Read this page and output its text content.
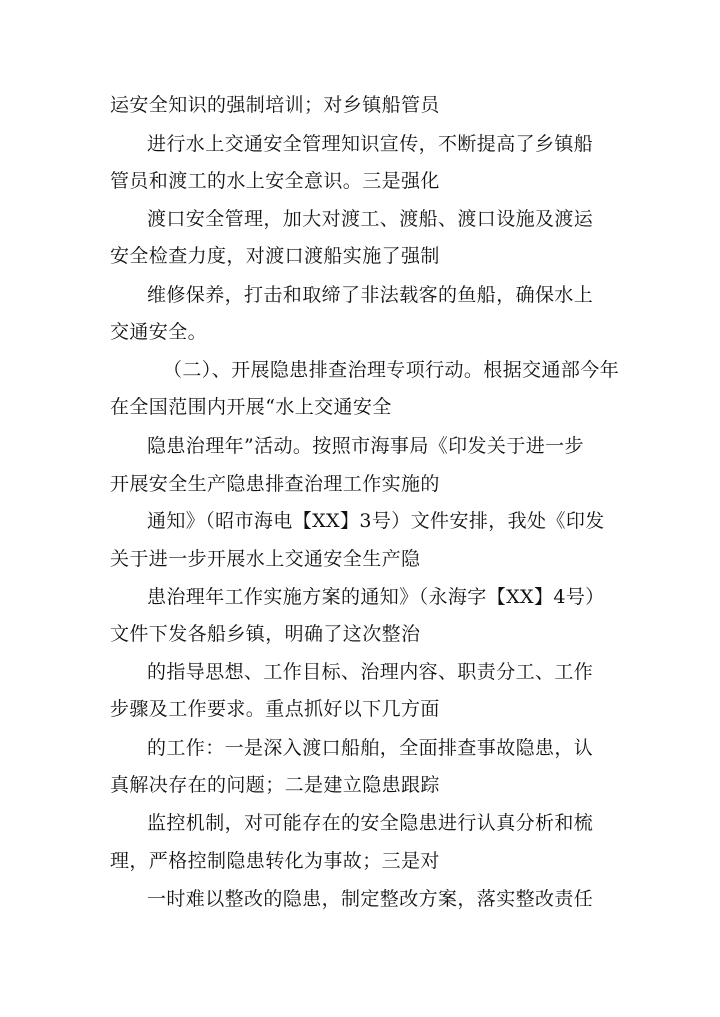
运安全知识的强制培训；对乡镇船管员
进行水上交通安全管理知识宣传，不断提高了乡镇船
管员和渡工的水上安全意识。三是强化
渡口安全管理，加大对渡工、渡船、渡口设施及渡运
安全检查力度，对渡口渡船实施了强制
维修保养，打击和取缔了非法载客的鱼船，确保水上
交通安全。
（二）、开展隐患排查治理专项行动。根据交通部今年
在全国范围内开展“水上交通安全
隐患治理年”活动。按照市海事局《印发关于进一步
开展安全生产隐患排查治理工作实施的
通知》（昭市海电【XX】3号）文件安排，我处《印发
关于进一步开展水上交通安全生产隐
患治理年工作实施方案的通知》（永海字【XX】4号）
文件下发各船乡镇，明确了这次整治
的指导思想、工作目标、治理内容、职责分工、工作
步骤及工作要求。重点抓好以下几方面
的工作：一是深入渡口船舶，全面排查事故隐患，认
真解决存在的问题；二是建立隐患跟踪
监控机制，对可能存在的安全隐患进行认真分析和梳
理，严格控制隐患转化为事故；三是对
一时难以整改的隐患，制定整改方案，落实整改责任
